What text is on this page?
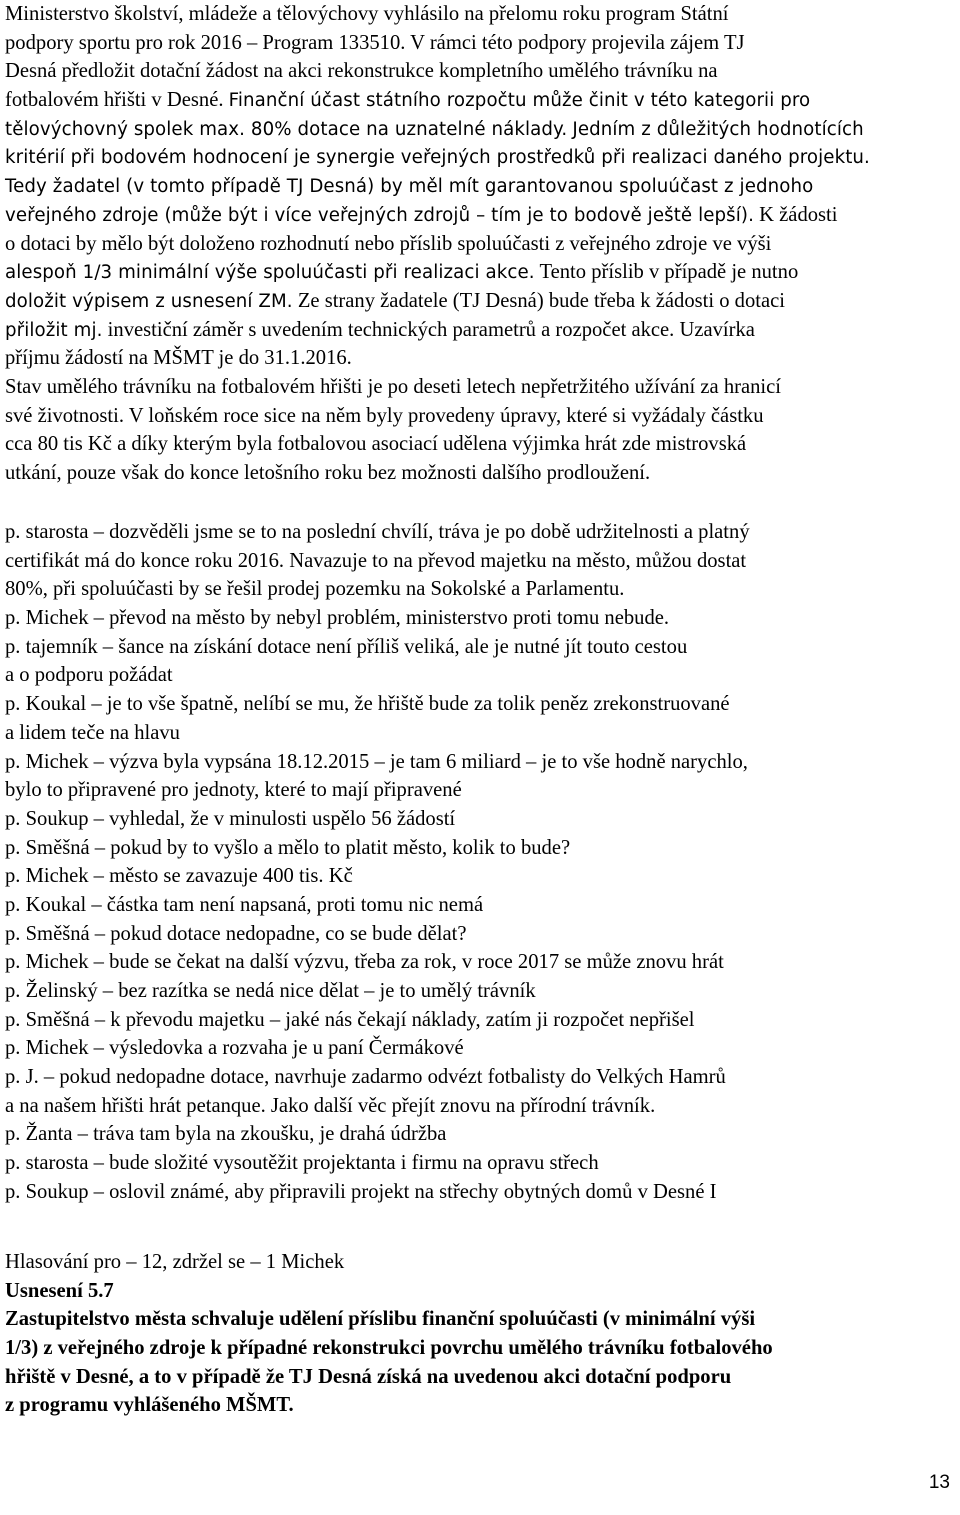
Ministerstvo školství, mládeže a tělovýchovy vyhlásilo na přelomu roku program Státní
podpory sportu pro rok 2016 – Program 133510. V rámci této podpory projevila zájem TJ
Desná předložit dotační žádost na akci rekonstrukce kompletního umělého trávníku na
fotbalovém hřišti v Desné. Finanční účast státního rozpočtu může činit v této kategorii pro
tělovýchovný spolek max. 80% dotace na uznatelné náklady. Jedním z důležitých hodnotících
kritérií při bodovém hodnocení je synergie veřejných prostředků při realizaci daného projektu.
Tedy žadatel (v tomto případě TJ Desná) by měl mít garantovanou spoluúčast z jednoho
veřejného zdroje (může být i více veřejných zdrojů – tím je to bodově ještě lepší). K žádosti
o dotaci by mělo být doloženo rozhodnutí nebo příslib spoluúčasti z veřejného zdroje ve výši
alespoň 1/3 minimální výše spoluúčasti při realizaci akce. Tento příslib v případě je nutno
doložit výpisem z usnesení ZM. Ze strany žadatele (TJ Desná) bude třeba k žádosti o dotaci
přiložit mj. investiční záměr s uvedením technických parametrů a rozpočet akce. Uzavírka
příjmu žádostí na MŠMT je do 31.1.2016.
Stav umělého trávníku na fotbalovém hřišti je po deseti letech nepřetržitého užívání za hranicí
své životnosti. V loňském roce sice na něm byly provedeny úpravy, které si vyžádaly částku
cca 80 tis Kč a díky kterým byla fotbalovou asociací udělena výjimka hrát zde mistrovská
utkání, pouze však do konce letošního roku bez možnosti dalšího prodloužení.
p. starosta – dozvěděli jsme se to na poslední chvílí, tráva je po době udržitelnosti a platný
certifikát má do konce roku 2016. Navazuje to na převod majetku na město, můžou dostat
80%, při spoluúčasti by se řešil prodej pozemku na Sokolské a Parlamentu.
p. Michek – převod na město by nebyl problém, ministerstvo proti tomu nebude.
p. tajemník – šance na získání dotace není příliš veliká, ale je nutné jít touto cestou
a o podporu požádat
p. Koukal – je to vše špatně, nelíbí se mu, že hřiště bude za tolik peněz zrekonstruované
a lidem teče na hlavu
p. Michek – výzva byla vypsána 18.12.2015 – je tam 6 miliard – je to vše hodně narychlo,
bylo to připravené pro jednoty, které to mají připravené
p. Soukup – vyhledal, že v minulosti uspělo 56 žádostí
p. Směšná – pokud by to vyšlo a mělo to platit město, kolik to bude?
p. Michek – město se zavazuje 400 tis. Kč
p. Koukal – částka tam není napsaná, proti tomu nic nemá
p. Směšná – pokud dotace nedopadne, co se bude dělat?
p. Michek – bude se čekat na další výzvu, třeba za rok, v roce 2017 se může znovu hrát
p. Želinský – bez razítka se nedá nice dělat – je to umělý trávník
p. Směšná – k převodu majetku – jaké nás čekají náklady, zatím ji rozpočet nepřišel
p. Michek – výsledovka a rozvaha je u paní Čermákové
p. J. – pokud nedopadne dotace, navrhuje zadarmo odvézt fotbalisty do Velkých Hamrů
a na našem hřišti hrát petanque. Jako další věc přejít znovu na přírodní trávník.
p. Žanta – tráva tam byla na zkoušku, je drahá údržba
p. starosta – bude složité vysoutěžit projektanta i firmu na opravu střech
p. Soukup – oslovil známé, aby připravili projekt na střechy obytných domů v Desné I
Hlasování pro – 12, zdržel se – 1 Michek
Usnesení 5.7
Zastupitelstvo města schvaluje udělení příslibu finanční spoluúčasti (v minimální výši
1/3) z veřejného zdroje k případné rekonstrukci povrchu umělého trávníku fotbalového
hřiště v Desné, a to v případě že TJ Desná získá na uvedenou akci dotační podporu
z programu vyhlášeného MŠMT.
13
